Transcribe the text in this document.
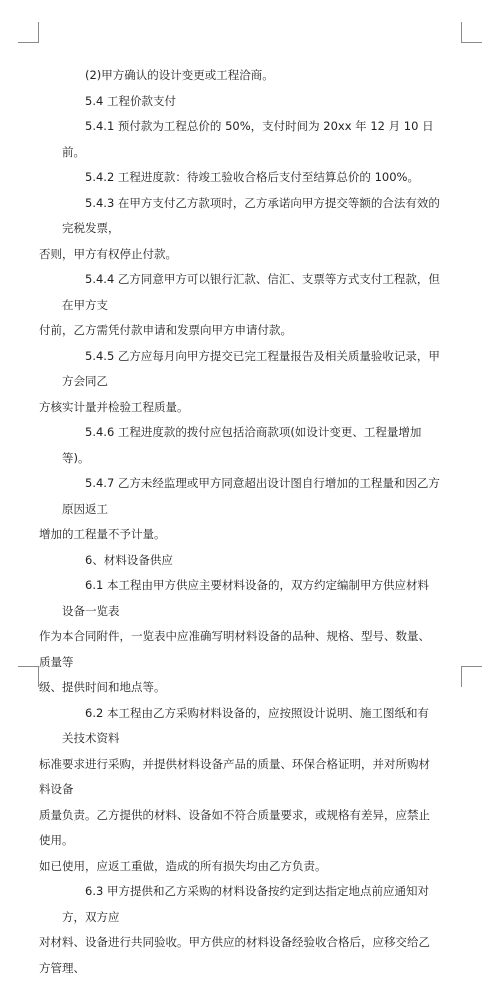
(2)甲方确认的设计变更或工程洽商。

5.4 工程价款支付

5.4.1 预付款为工程总价的 50%，支付时间为 20xx 年 12 月 10 日前。

5.4.2 工程进度款：待竣工验收合格后支付至结算总价的 100%。

5.4.3 在甲方支付乙方款项时，乙方承诺向甲方提交等额的合法有效的完税发票，
否则，甲方有权停止付款。

5.4.4 乙方同意甲方可以银行汇款、信汇、支票等方式支付工程款，但在甲方支
付前，乙方需凭付款申请和发票向甲方申请付款。

5.4.5 乙方应每月向甲方提交已完工程量报告及相关质量验收记录，甲方会同乙
方核实计量并检验工程质量。

5.4.6 工程进度款的拨付应包括洽商款项(如设计变更、工程量增加等)。

5.4.7 乙方未经监理或甲方同意超出设计图自行增加的工程量和因乙方原因返工
增加的工程量不予计量。

6、材料设备供应

6.1 本工程由甲方供应主要材料设备的，双方约定编制甲方供应材料设备一览表
作为本合同附件，一览表中应准确写明材料设备的品种、规格、型号、数量、质量等
级、提供时间和地点等。

6.2 本工程由乙方采购材料设备的，应按照设计说明、施工图纸和有关技术资料
标准要求进行采购，并提供材料设备产品的质量、环保合格证明，并对所购材料设备
质量负责。乙方提供的材料、设备如不符合质量要求，或规格有差异，应禁止使用。
如已使用，应返工重做，造成的所有损失均由乙方负责。

6.3 甲方提供和乙方采购的材料设备按约定到达指定地点前应通知对方，双方应
对材料、设备进行共同验收。甲方供应的材料设备经验收合格后，应移交给乙方管理、
